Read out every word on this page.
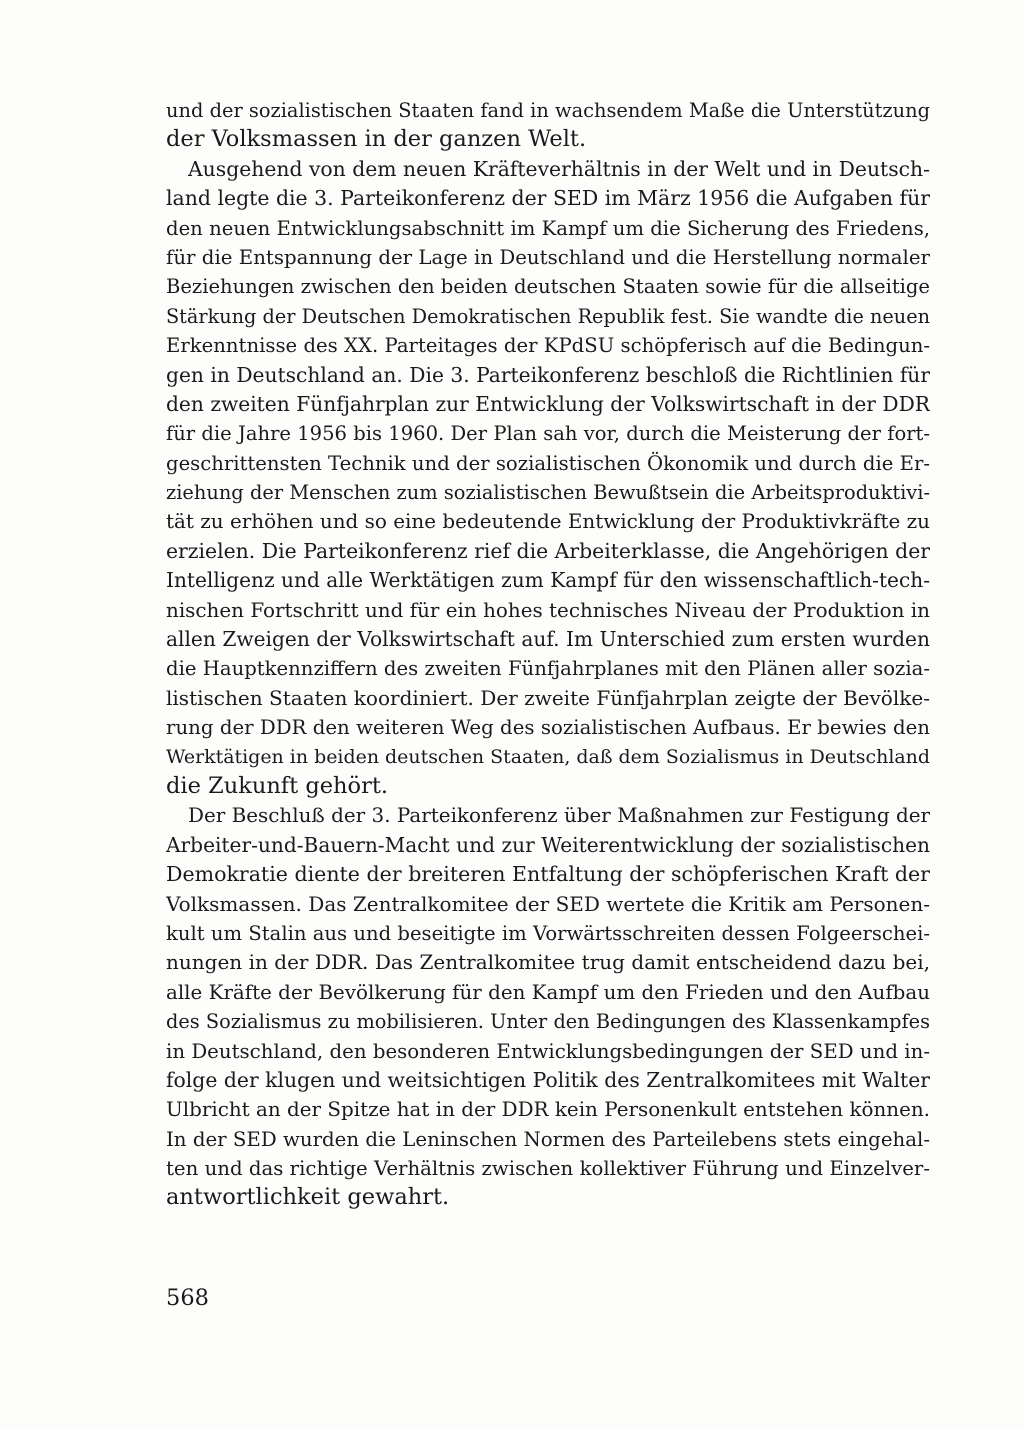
und der sozialistischen Staaten fand in wachsendem Maße die Unterstützung
der Volksmassen in der ganzen Welt.
Ausgehend von dem neuen Kräfteverhältnis in der Welt und in Deutsch-
land legte die 3. Parteikonferenz der SED im März 1956 die Aufgaben für
den neuen Entwicklungsabschnitt im Kampf um die Sicherung des Friedens,
für die Entspannung der Lage in Deutschland und die Herstellung normaler
Beziehungen zwischen den beiden deutschen Staaten sowie für die allseitige
Stärkung der Deutschen Demokratischen Republik fest. Sie wandte die neuen
Erkenntnisse des XX. Parteitages der KPdSU schöpferisch auf die Bedingun-
gen in Deutschland an. Die 3. Parteikonferenz beschloß die Richtlinien für
den zweiten Fünfjahrplan zur Entwicklung der Volkswirtschaft in der DDR
für die Jahre 1956 bis 1960. Der Plan sah vor, durch die Meisterung der fort-
geschrittensten Technik und der sozialistischen Ökonomik und durch die Er-
ziehung der Menschen zum sozialistischen Bewußtsein die Arbeitsproduktivi-
tät zu erhöhen und so eine bedeutende Entwicklung der Produktivkräfte zu
erzielen. Die Parteikonferenz rief die Arbeiterklasse, die Angehörigen der
Intelligenz und alle Werktätigen zum Kampf für den wissenschaftlich-tech-
nischen Fortschritt und für ein hohes technisches Niveau der Produktion in
allen Zweigen der Volkswirtschaft auf. Im Unterschied zum ersten wurden
die Hauptkennziffern des zweiten Fünfjahrplanes mit den Plänen aller sozia-
listischen Staaten koordiniert. Der zweite Fünfjahrplan zeigte der Bevölke-
rung der DDR den weiteren Weg des sozialistischen Aufbaus. Er bewies den
Werktätigen in beiden deutschen Staaten, daß dem Sozialismus in Deutschland
die Zukunft gehört.
Der Beschluß der 3. Parteikonferenz über Maßnahmen zur Festigung der
Arbeiter-und-Bauern-Macht und zur Weiterentwicklung der sozialistischen
Demokratie diente der breiteren Entfaltung der schöpferischen Kraft der
Volksmassen. Das Zentralkomitee der SED wertete die Kritik am Personen-
kult um Stalin aus und beseitigte im Vorwärtsschreiten dessen Folgeerschei-
nungen in der DDR. Das Zentralkomitee trug damit entscheidend dazu bei,
alle Kräfte der Bevölkerung für den Kampf um den Frieden und den Aufbau
des Sozialismus zu mobilisieren. Unter den Bedingungen des Klassenkampfes
in Deutschland, den besonderen Entwicklungsbedingungen der SED und in-
folge der klugen und weitsichtigen Politik des Zentralkomitees mit Walter
Ulbricht an der Spitze hat in der DDR kein Personenkult entstehen können.
In der SED wurden die Leninschen Normen des Parteilebens stets eingehal-
ten und das richtige Verhältnis zwischen kollektiver Führung und Einzelver-
antwortlichkeit gewahrt.
568
